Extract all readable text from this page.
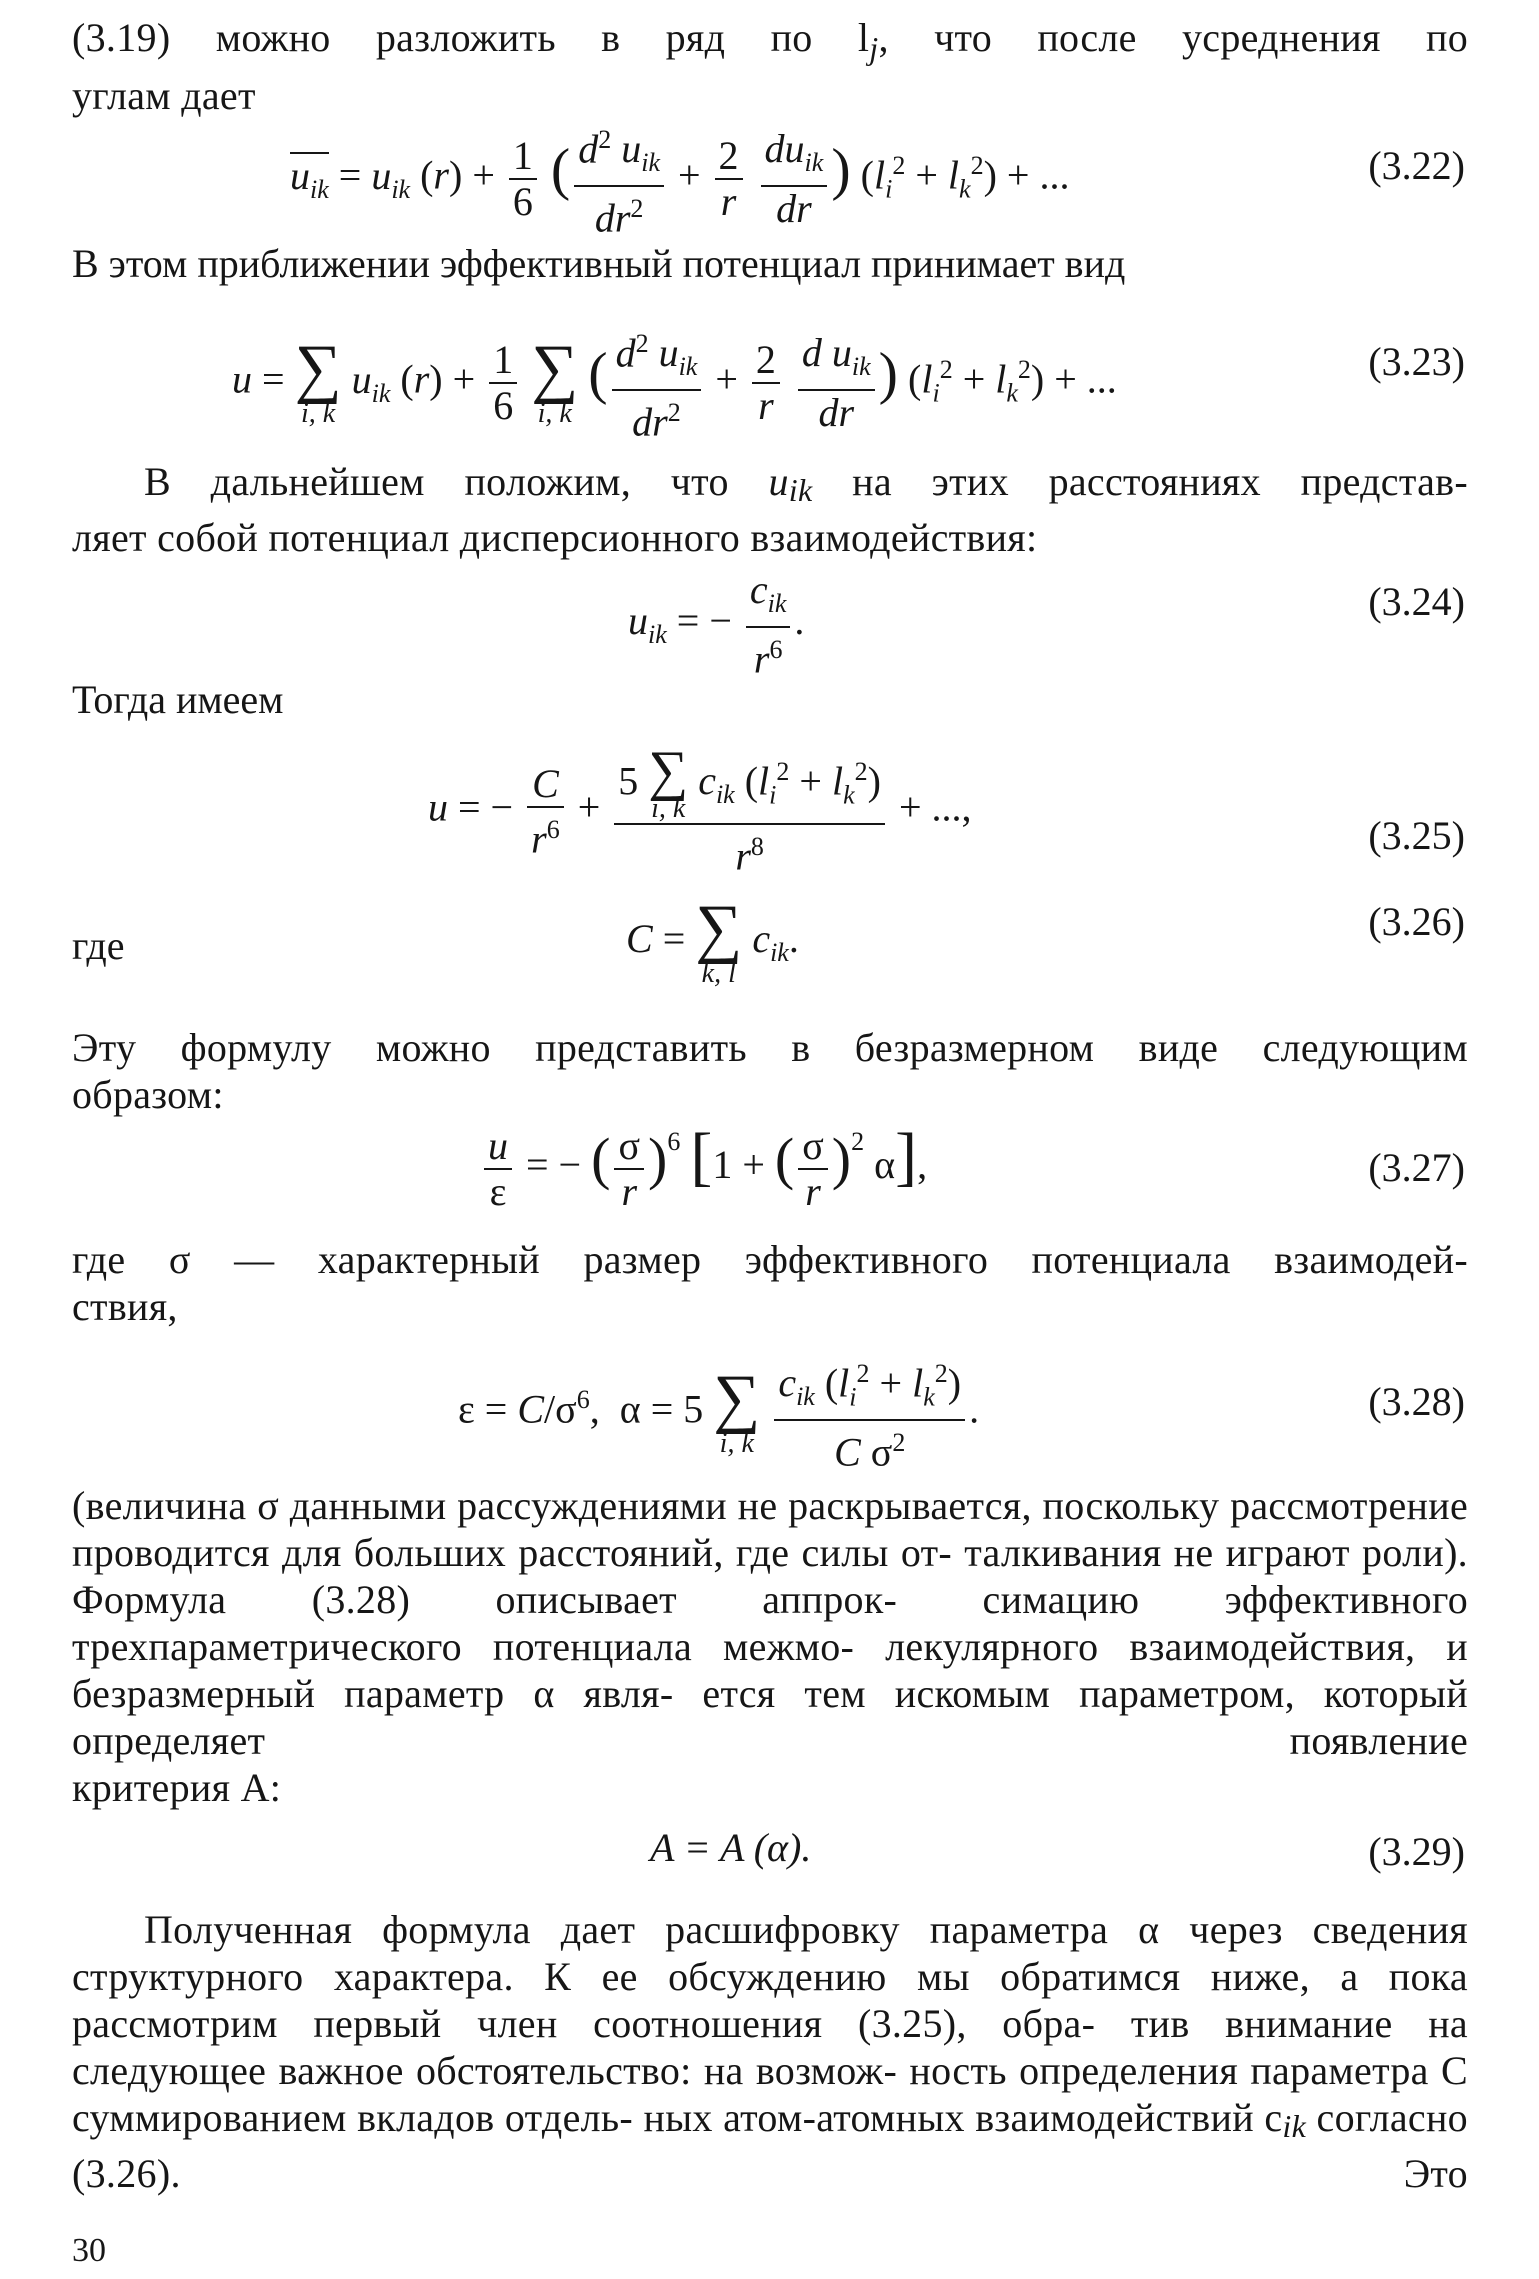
(3.19) можно разложить в ряд по $l_j$, что после усреднения по
углам дает
$u_{ik} = u_{ik}$ $(r) + \frac{1}{6}$ ( $\frac{d^2 u_{ik}}{dr^2} + \frac{2}{r}$
$\frac{du_{ik}}{dr}$ ) $(l_i^2 + l_k^2)$ + ...	(3.22)
В этом приближении эффективный потенциал принимает вид
u = ∑
i, k
$u_{ik}$ $(r) + \frac{1}{6}$
∑
i, k
( $\frac{d^2 u_{ik}}{dr^2} + \frac{2}{r}$
$\frac{d u_{ik}}{dr}$ ) $(l_i^2 + l_k^2)$ + ...	(3.23)
В дальнейшем положим, что uik на этих расстояниях представ-
ляет собой потенциал дисперсионного взаимодействия:
$u_{ik}$ = − $\frac{c_{ik}}{r^6}$ .	(3.24)
Тогда имеем
u = − $\frac{C}{r^6} + 5$ ∑
i, k
$c_{ik}$ $(l_i^2 + l_k^2)$
$r^8$ + ...,
(3.25)
где	C = ∑
k, l
$c_{ik}$.	(3.26)
Эту формулу можно представить в безразмерном виде следующим
образом:
$\frac{u}{\varepsilon}$ = − ( $\frac{\sigma}{r} )^6$ [1 + ( $\frac{\sigma}{r} )^2$ α],	(3.27)
где σ — характерный размер эффективного потенциала взаимодей-
ствия,
$\varepsilon = C/\sigma^6$,  α = 5 ∑
i, k
$\frac{c_{ik} (l_i^2 + l_k^2)}{C \sigma^2}$ .	(3.28)
(величина σ данными рассуждениями не раскрывается, поскольку рассмотрение проводится для больших расстояний, где силы от- талкивания не играют роли). Формула (3.28) описывает аппрок- симацию эффективного трехпараметрического потенциала межмо- лекулярного взаимодействия, и безразмерный параметр α явля- ется тем искомым параметром, который определяет появление
критерия A:
A = A (α).	(3.29)
Полученная формула дает расшифровку параметра α через сведения структурного характера. К ее обсуждению мы обратимся ниже, а пока рассмотрим первый член соотношения (3.25), обра- тив внимание на следующее важное обстоятельство: на возмож- ность определения параметра C суммированием вкладов отдель- ных атом-атомных взаимодействий cik согласно (3.26). Это
30
